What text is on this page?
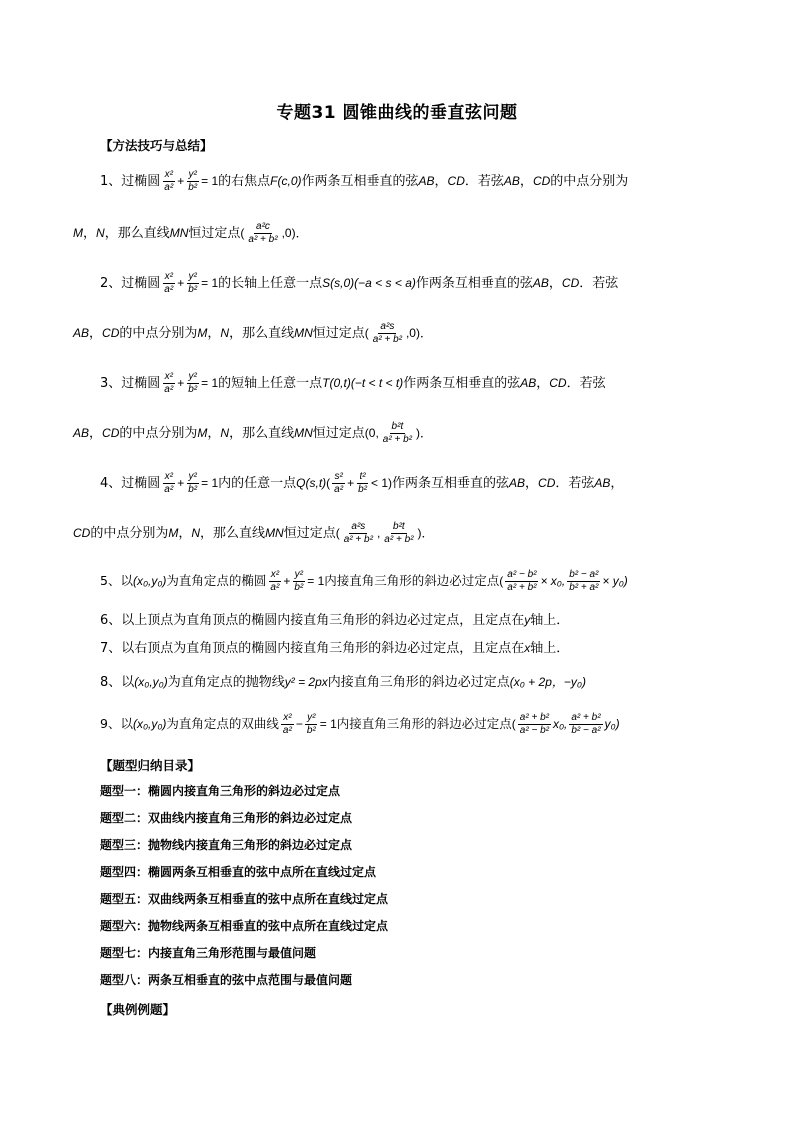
专题31 圆锥曲线的垂直弦问题
【方法技巧与总结】
1、过椭圆 $\frac{\text{x²}}{\text{a²}} + \frac{\text{y²}}{\text{b²}} = 1$的右焦点F(c,0)作两条互相垂直的弦AB，CD．若弦AB，CD的中点分别为
M，N，那么直线MN恒过定点( $\frac{\text{a²c}}{\text{a² + b²}} ,0$)．
2、过椭圆 $\frac{\text{x²}}{\text{a²}} + \frac{\text{y²}}{\text{b²}} = 1$的长轴上任意一点S(s,0)(−a < s < a)作两条互相垂直的弦AB，CD．若弦
AB，CD的中点分别为M，N，那么直线MN恒过定点( $\frac{\text{a²s}}{\text{a² + b²}} ,0$)．
3、过椭圆 $\frac{\text{x²}}{\text{a²}} + \frac{\text{y²}}{\text{b²}} = 1$的短轴上任意一点T(0,t)(−t < t < t)作两条互相垂直的弦AB，CD．若弦
AB，CD的中点分别为M，N，那么直线MN恒过定点(0, $\frac{\text{b²t}}{\text{a² + b²}}$ )．
4、过椭圆 $\frac{\text{x²}}{\text{a²}} + \frac{\text{y²}}{\text{b²}} = 1$内的任意一点$Q(s,t)( \frac{\text{s²}}{\text{a²}} + \frac{\text{t²}}{\text{b²}} < 1)$作两条互相垂直的弦AB，CD．若弦AB，
CD的中点分别为M，N，那么直线MN恒过定点( $\frac{\text{a²s}}{\text{a² + b²}}$ , $\frac{\text{b²t}}{\text{a² + b²}}$ )．
5、以(x₀,y₀)为直角定点的椭圆 $\frac{\text{x²}}{\text{a²}} + \frac{\text{y²}}{\text{b²}} = 1$内接直角三角形的斜边必过定点( $\frac{\text{a² − b²}}{\text{a² + b²}} \times x_0$, $\frac{\text{b² − a²}}{\text{b² + a²}} \times y_0$)
6、以上顶点为直角顶点的椭圆内接直角三角形的斜边必过定点，且定点在y轴上．
7、以右顶点为直角顶点的椭圆内接直角三角形的斜边必过定点，且定点在x轴上．
8、以(x₀,y₀)为直角定点的抛物线y² = 2px内接直角三角形的斜边必过定点(x₀ + 2p，−y₀)
9、以(x₀,y₀)为直角定点的双曲线 $\frac{\text{x²}}{\text{a²}} - \frac{\text{y²}}{\text{b²}} = 1$内接直角三角形的斜边必过定点( $\frac{\text{a² + b²}}{\text{a² − b²}} x_0$, $\frac{\text{a² + b²}}{\text{b² − a²}} y_0$)
【题型归纳目录】
题型一：椭圆内接直角三角形的斜边必过定点
题型二：双曲线内接直角三角形的斜边必过定点
题型三：抛物线内接直角三角形的斜边必过定点
题型四：椭圆两条互相垂直的弦中点所在直线过定点
题型五：双曲线两条互相垂直的弦中点所在直线过定点
题型六：抛物线两条互相垂直的弦中点所在直线过定点
题型七：内接直角三角形范围与最值问题
题型八：两条互相垂直的弦中点范围与最值问题
【典例例题】
